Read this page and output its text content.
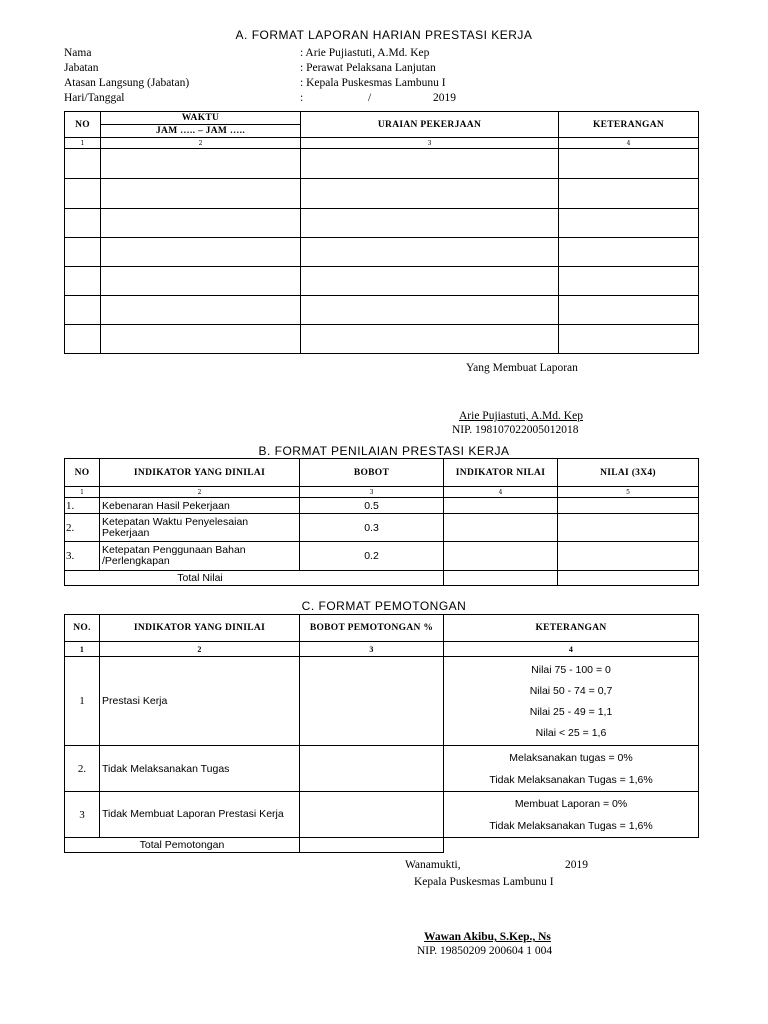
A. FORMAT LAPORAN HARIAN PRESTASI KERJA
Nama	: Arie Pujiastuti, A.Md. Kep
Jabatan	: Perawat Pelaksana Lanjutan
Atasan Langsung (Jabatan)	: Kepala Puskesmas Lambunu I
Hari/Tanggal	:	/	2019
NO	WAKTU	URAIAN PEKERJAAN	KETERANGAN
	JAM ….. – JAM …..		
1	2	3	4

Yang Membuat Laporan
Arie Pujiastuti, A.Md. Kep
NIP. 198107022005012018
B. FORMAT PENILAIAN PRESTASI KERJA
NO	INDIKATOR YANG DINILAI	BOBOT	INDIKATOR NILAI	NILAI (3X4)
1	2	3	4	5
1.	Kebenaran Hasil Pekerjaan	0.5		
2.	Ketepatan Waktu Penyelesaian Pekerjaan	0.3		
3.	Ketepatan Penggunaan Bahan /Perlengkapan	0.2		
Total Nilai				
C. FORMAT PEMOTONGAN
NO.	INDIKATOR YANG DINILAI	BOBOT PEMOTONGAN %	KETERANGAN
1	2	3	4
1	Prestasi Kerja		Nilai 75 - 100 = 0
Nilai 50 - 74 = 0,7
Nilai 25 - 49 = 1,1
Nilai < 25 = 1,6

2.	Tidak Melaksanakan Tugas		Melaksanakan tugas = 0%
Tidak Melaksanakan Tugas = 1,6%

3	Tidak Membuat Laporan Prestasi Kerja		Membuat Laporan = 0%
Tidak Melaksanakan Tugas = 1,6%

Total Pemotongan			
Wanamukti,	2019
Kepala Puskesmas Lambunu I
Wawan Akibu, S.Kep., Ns
NIP. 19850209 200604 1 004
